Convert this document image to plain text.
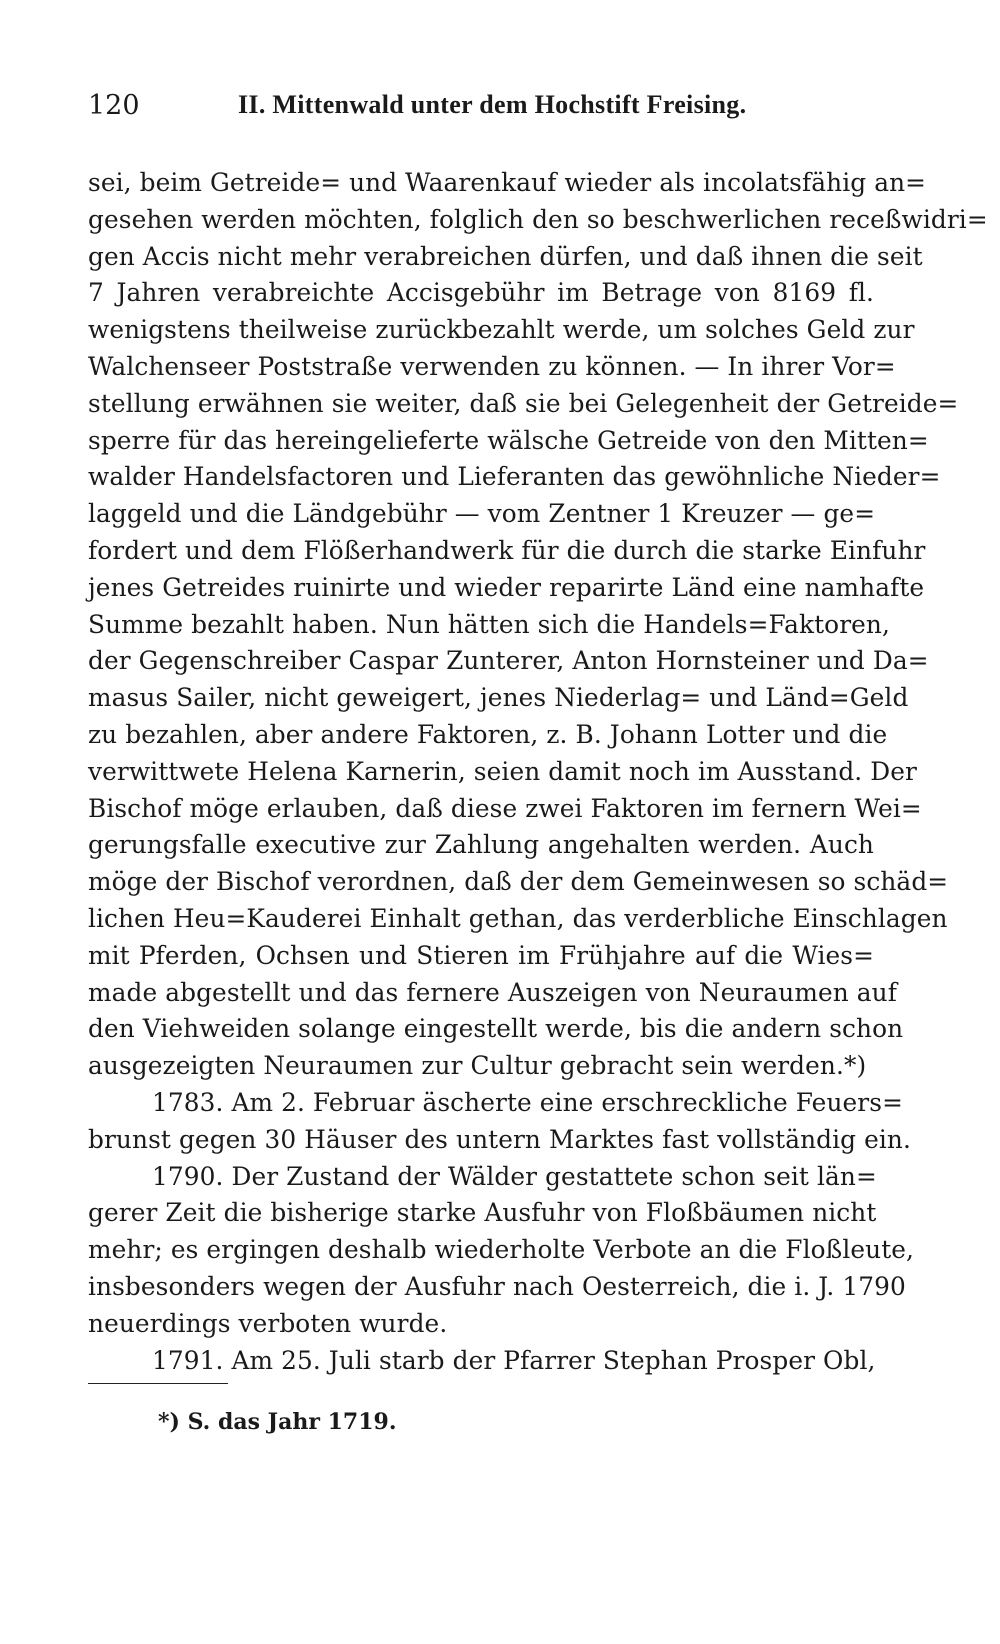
120	II. Mittenwald unter dem Hochstift Freising.
sei, beim Getreide= und Waarenkauf wieder als incolatsfähig an=
gesehen werden möchten, folglich den so beschwerlichen receßwidri=
gen Accis nicht mehr verabreichen dürfen, und daß ihnen die seit
7 Jahren verabreichte Accisgebühr im Betrage von 8169 fl.
wenigstens theilweise zurückbezahlt werde, um solches Geld zur
Walchenseer Poststraße verwenden zu können. — In ihrer Vor=
stellung erwähnen sie weiter, daß sie bei Gelegenheit der Getreide=
sperre für das hereingelieferte wälsche Getreide von den Mitten=
walder Handelsfactoren und Lieferanten das gewöhnliche Nieder=
laggeld und die Ländgebühr — vom Zentner 1 Kreuzer — ge=
fordert und dem Flößerhandwerk für die durch die starke Einfuhr
jenes Getreides ruinirte und wieder reparirte Länd eine namhafte
Summe bezahlt haben. Nun hätten sich die Handels=Faktoren,
der Gegenschreiber Caspar Zunterer, Anton Hornsteiner und Da=
masus Sailer, nicht geweigert, jenes Niederlag= und Länd=Geld
zu bezahlen, aber andere Faktoren, z. B. Johann Lotter und die
verwittwete Helena Karnerin, seien damit noch im Ausstand. Der
Bischof möge erlauben, daß diese zwei Faktoren im fernern Wei=
gerungsfalle executive zur Zahlung angehalten werden. Auch
möge der Bischof verordnen, daß der dem Gemeinwesen so schäd=
lichen Heu=Kauderei Einhalt gethan, das verderbliche Einschlagen
mit Pferden, Ochsen und Stieren im Frühjahre auf die Wies=
made abgestellt und das fernere Auszeigen von Neuraumen auf
den Viehweiden solange eingestellt werde, bis die andern schon
ausgezeigten Neuraumen zur Cultur gebracht sein werden.*)
1783. Am 2. Februar äscherte eine erschreckliche Feuers=
brunst gegen 30 Häuser des untern Marktes fast vollständig ein.
1790. Der Zustand der Wälder gestattete schon seit län=
gerer Zeit die bisherige starke Ausfuhr von Floßbäumen nicht
mehr; es ergingen deshalb wiederholte Verbote an die Floßleute,
insbesonders wegen der Ausfuhr nach Oesterreich, die i. J. 1790
neuerdings verboten wurde.
1791. Am 25. Juli starb der Pfarrer Stephan Prosper Obl,
*) S. das Jahr 1719.
